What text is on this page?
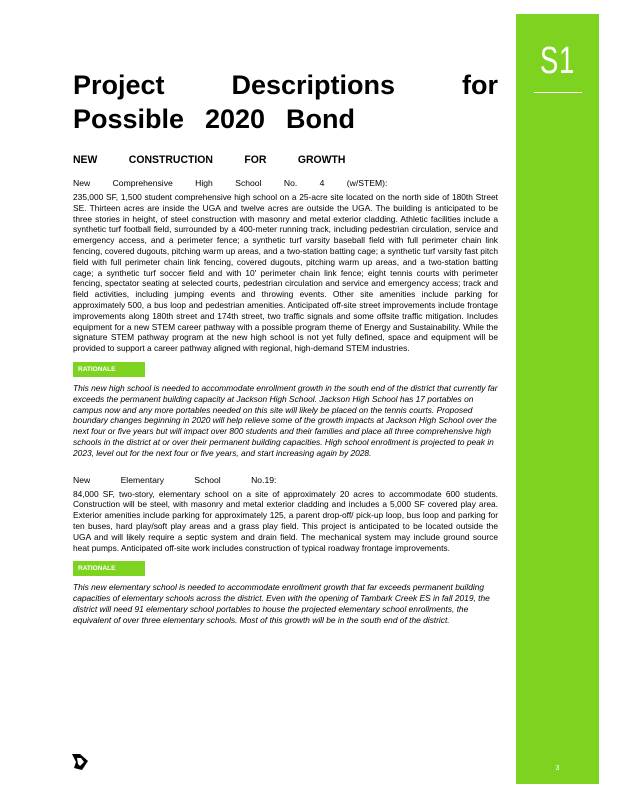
S1
3
Project Descriptions for
Possible 2020 Bond

NEW CONSTRUCTION FOR GROWTH

New Comprehensive High School No. 4 (w/STEM):

235,000 SF, 1,500 student comprehensive high school on a 25-acre site located on the north side of 180th Street SE. Thirteen acres are inside the UGA and twelve acres are outside the UGA. The building is anticipated to be three stories in height, of steel construction with masonry and metal exterior cladding. Athletic facilities include a synthetic turf football field, surrounded by a 400-meter running track, including pedestrian circulation, service and emergency access, and a perimeter fence; a synthetic turf varsity baseball field with full perimeter chain link fencing, covered dugouts, pitching warm up areas, and a two-station batting cage; a synthetic turf varsity fast pitch field with full perimeter chain link fencing, covered dugouts, pitching warm up areas, and a two-station batting cage; a synthetic turf soccer field and with 10' perimeter chain link fence; eight tennis courts with perimeter fencing, spectator seating at selected courts, pedestrian circulation and service and emergency access; track and field activities, including jumping events and throwing events. Other site amenities include parking for approximately 500, a bus loop and pedestrian amenities. Anticipated off-site street improvements include frontage improvements along 180th street and 174th street, two traffic signals and some offsite traffic mitigation. Includes equipment for a new STEM career pathway with a possible program theme of Energy and Sustainability. While the signature STEM pathway program at the new high school is not yet fully defined, space and equipment will be provided to support a career pathway aligned with regional, high-demand STEM industries.

RATIONALE

This new high school is needed to accommodate enrollment growth in the south end of the district that currently far exceeds the permanent building capacity at Jackson High School. Jackson High School has 17 portables on campus now and any more portables needed on this site will likely be placed on the tennis courts. Proposed boundary changes beginning in 2020 will help relieve some of the growth impacts at Jackson High School over the next four or five years but will impact over 800 students and their families and place all three comprehensive high schools in the district at or over their permanent building capacities. High school enrollment is projected to peak in 2023, level out for the next four or five years, and start increasing again by 2028.

New Elementary School No.19:

84,000 SF, two-story, elementary school on a site of approximately 20 acres to accommodate 600 students. Construction will be steel, with masonry and metal exterior cladding and includes a 5,000 SF covered play area. Exterior amenities include parking for approximately 125, a parent drop-off/ pick-up loop, bus loop and parking for ten buses, hard play/soft play areas and a grass play field. This project is anticipated to be located outside the UGA and will likely require a septic system and drain field. The mechanical system may include ground source heat pumps. Anticipated off-site work includes construction of typical roadway frontage improvements.

RATIONALE

This new elementary school is needed to accommodate enrollment growth that far exceeds permanent building capacities of elementary schools across the district. Even with the opening of Tambark Creek ES in fall 2019, the district will need 91 elementary school portables to house the projected elementary school enrollments, the equivalent of over three elementary schools. Most of this growth will be in the south end of the district.
